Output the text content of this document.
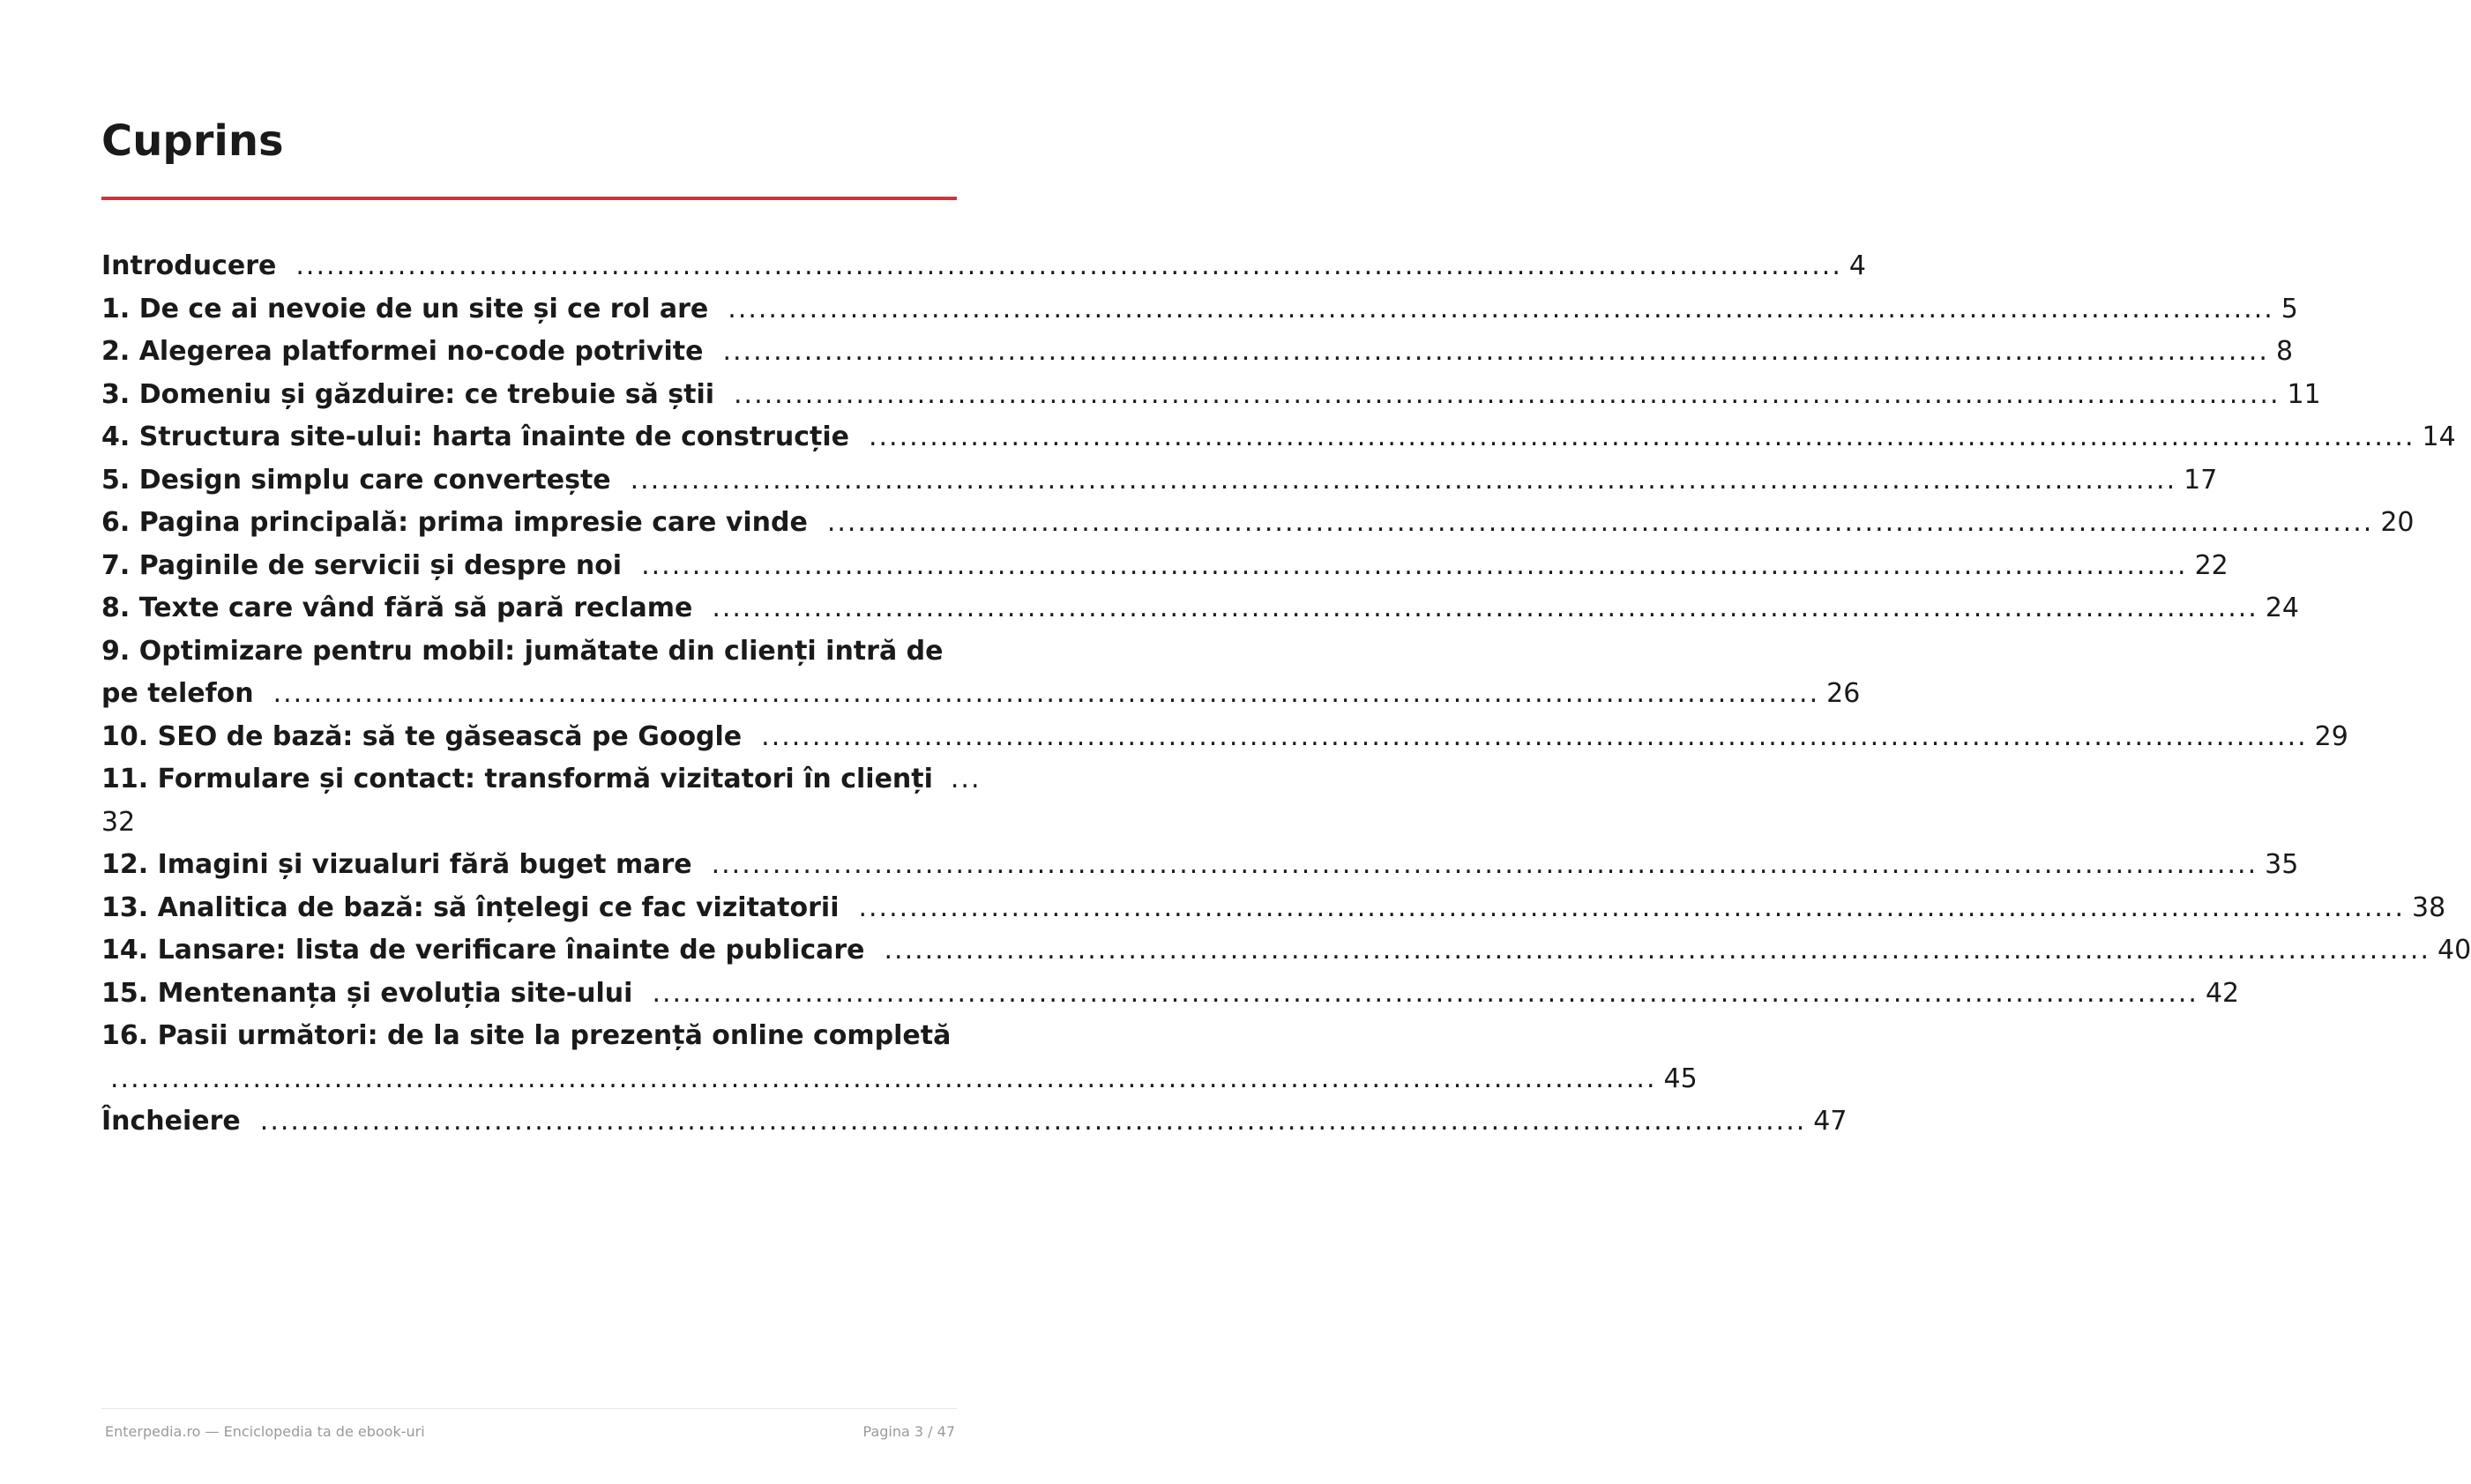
Cuprins
Introducere ........................................................................................................................................................ 4
1. De ce ai nevoie de un site și ce rol are ........................................................................................................................................................ 5
2. Alegerea platformei no-code potrivite ........................................................................................................................................................ 8
3. Domeniu și găzduire: ce trebuie să știi ........................................................................................................................................................ 11
4. Structura site-ului: harta înainte de construcție ........................................................................................................................................................ 14
5. Design simplu care convertește ........................................................................................................................................................ 17
6. Pagina principală: prima impresie care vinde ........................................................................................................................................................ 20
7. Paginile de servicii și despre noi ........................................................................................................................................................ 22
8. Texte care vând fără să pară reclame ........................................................................................................................................................ 24
9. Optimizare pentru mobil: jumătate din clienți intră de
pe telefon ........................................................................................................................................................ 26
10. SEO de bază: să te găsească pe Google ........................................................................................................................................................ 29
11. Formulare și contact: transformă vizitatori în clienți ...
32
12. Imagini și vizualuri fără buget mare ........................................................................................................................................................ 35
13. Analitica de bază: să înțelegi ce fac vizitatorii ........................................................................................................................................................ 38
14. Lansare: lista de verificare înainte de publicare ........................................................................................................................................................ 40
15. Mentenanța și evoluția site-ului ........................................................................................................................................................ 42
16. Pasii următori: de la site la prezență online completă
........................................................................................................................................................ 45
Încheiere ........................................................................................................................................................ 47
Enterpedia.ro — Enciclopedia ta de ebook-uri	Pagina 3 / 47
